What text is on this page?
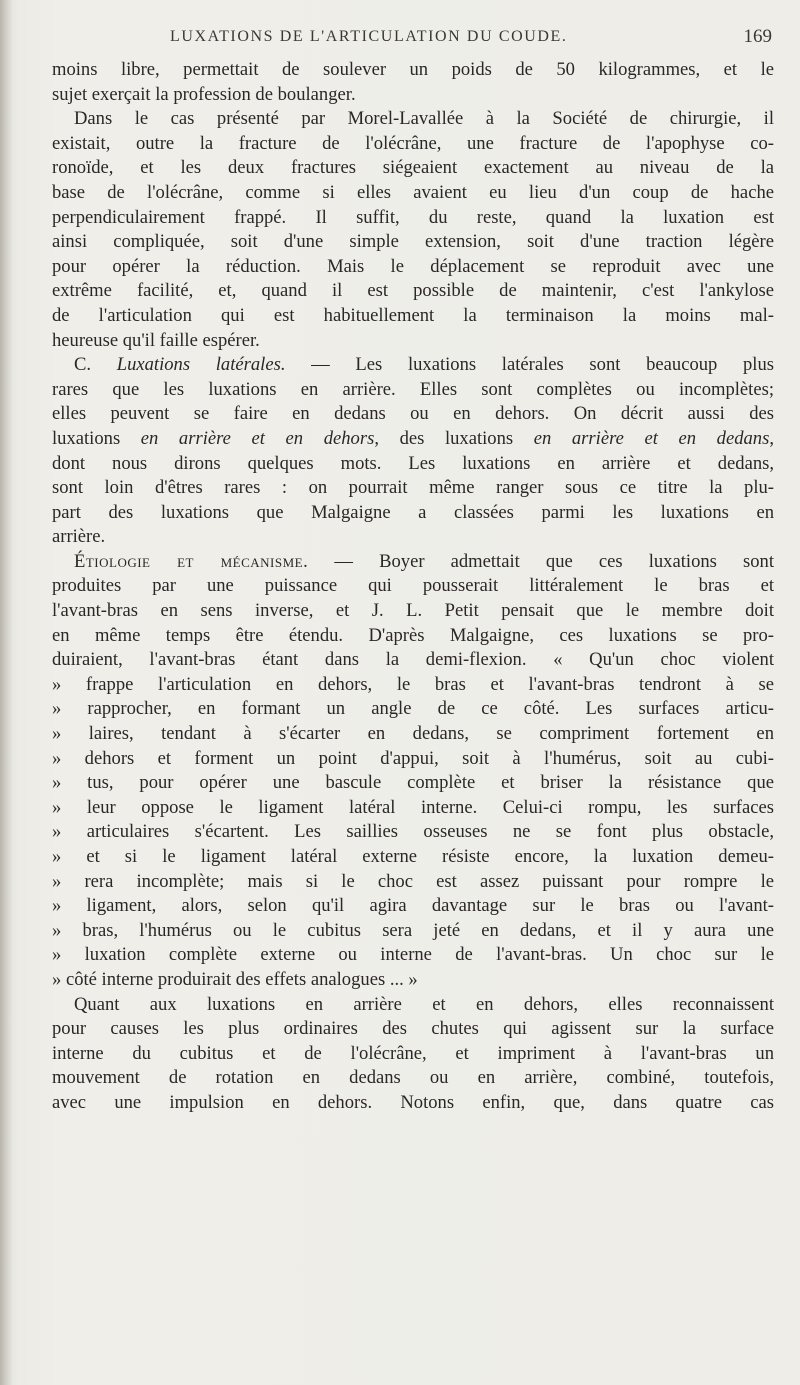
LUXATIONS DE L'ARTICULATION DU COUDE.	169
moins libre, permettait de soulever un poids de 50 kilogrammes, et le
sujet exerçait la profession de boulanger.
Dans le cas présenté par Morel-Lavallée à la Société de chirurgie, il
existait, outre la fracture de l'olécrâne, une fracture de l'apophyse co-
ronoïde, et les deux fractures siégeaient exactement au niveau de la
base de l'olécrâne, comme si elles avaient eu lieu d'un coup de hache
perpendiculairement frappé. Il suffit, du reste, quand la luxation est
ainsi compliquée, soit d'une simple extension, soit d'une traction légère
pour opérer la réduction. Mais le déplacement se reproduit avec une
extrême facilité, et, quand il est possible de maintenir, c'est l'ankylose
de l'articulation qui est habituellement la terminaison la moins mal-
heureuse qu'il faille espérer.
C. Luxations latérales. — Les luxations latérales sont beaucoup plus
rares que les luxations en arrière. Elles sont complètes ou incomplètes;
elles peuvent se faire en dedans ou en dehors. On décrit aussi des
luxations en arrière et en dehors, des luxations en arrière et en dedans,
dont nous dirons quelques mots. Les luxations en arrière et dedans,
sont loin d'êtres rares : on pourrait même ranger sous ce titre la plu-
part des luxations que Malgaigne a classées parmi les luxations en
arrière.
Étiologie et mécanisme. — Boyer admettait que ces luxations sont
produites par une puissance qui pousserait littéralement le bras et
l'avant-bras en sens inverse, et J. L. Petit pensait que le membre doit
en même temps être étendu. D'après Malgaigne, ces luxations se pro-
duiraient, l'avant-bras étant dans la demi-flexion. « Qu'un choc violent
» frappe l'articulation en dehors, le bras et l'avant-bras tendront à se
» rapprocher, en formant un angle de ce côté. Les surfaces articu-
» laires, tendant à s'écarter en dedans, se compriment fortement en
» dehors et forment un point d'appui, soit à l'humérus, soit au cubi-
» tus, pour opérer une bascule complète et briser la résistance que
» leur oppose le ligament latéral interne. Celui-ci rompu, les surfaces
» articulaires s'écartent. Les saillies osseuses ne se font plus obstacle,
» et si le ligament latéral externe résiste encore, la luxation demeu-
» rera incomplète; mais si le choc est assez puissant pour rompre le
» ligament, alors, selon qu'il agira davantage sur le bras ou l'avant-
» bras, l'humérus ou le cubitus sera jeté en dedans, et il y aura une
» luxation complète externe ou interne de l'avant-bras. Un choc sur le
» côté interne produirait des effets analogues ... »
Quant aux luxations en arrière et en dehors, elles reconnaissent
pour causes les plus ordinaires des chutes qui agissent sur la surface
interne du cubitus et de l'olécrâne, et impriment à l'avant-bras un
mouvement de rotation en dedans ou en arrière, combiné, toutefois,
avec une impulsion en dehors. Notons enfin, que, dans quatre cas
